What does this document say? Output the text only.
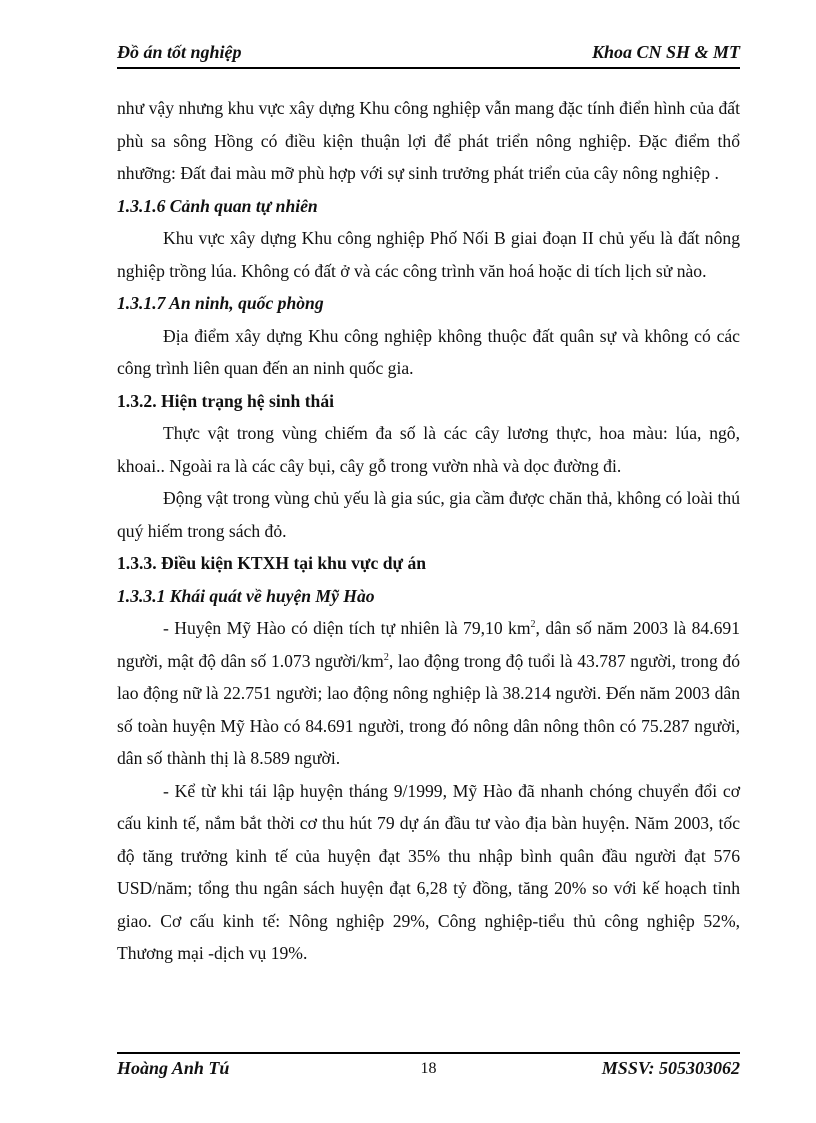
Đồ án tốt nghiệp	Khoa CN SH & MT

như vậy nhưng khu vực xây dựng Khu công nghiệp vẫn mang đặc tính điển hình của đất phù sa sông Hồng có điều kiện thuận lợi để phát triển nông nghiệp. Đặc điểm thổ nhưỡng: Đất đai màu mỡ phù hợp với sự sinh trưởng phát triển của cây nông nghiệp .

1.3.1.6 Cảnh quan tự nhiên

Khu vực xây dựng Khu công nghiệp Phố Nối B giai đoạn II chủ yếu là đất nông nghiệp trồng lúa. Không có đất ở và các công trình văn hoá hoặc di tích lịch sử nào.

1.3.1.7 An ninh, quốc phòng

Địa điểm xây dựng Khu công nghiệp không thuộc đất quân sự và không có các công trình liên quan đến an ninh quốc gia.

1.3.2. Hiện trạng hệ sinh thái

Thực vật trong vùng chiếm đa số là các cây lương thực, hoa màu: lúa, ngô, khoai.. Ngoài ra là các cây bụi, cây gỗ trong vườn nhà và dọc đường đi.

Động vật trong vùng chủ yếu là gia súc, gia cầm được chăn thả, không có loài thú quý hiếm trong sách đỏ.

1.3.3. Điều kiện KTXH tại khu vực dự án

1.3.3.1 Khái quát về huyện Mỹ Hào

- Huyện Mỹ Hào có diện tích tự nhiên là 79,10 $km^2$, dân số năm 2003 là 84.691 người, mật độ dân số 1.073 người/$km^2$, lao động trong độ tuổi là 43.787 người, trong đó lao động nữ là 22.751 người; lao động nông nghiệp là 38.214 người. Đến năm 2003 dân số toàn huyện Mỹ Hào có 84.691 người, trong đó nông dân nông thôn có 75.287 người, dân số thành thị là 8.589 người.

- Kể từ khi tái lập huyện tháng 9/1999, Mỹ Hào đã nhanh chóng chuyển đổi cơ cấu kinh tế, nắm bắt thời cơ thu hút 79 dự án đầu tư vào địa bàn huyện. Năm 2003, tốc độ tăng trưởng kinh tế của huyện đạt 35% thu nhập bình quân đầu người đạt 576 USD/năm; tổng thu ngân sách huyện đạt 6,28 tỷ đồng, tăng 20% so với kế hoạch tỉnh giao. Cơ cấu kinh tế: Nông nghiệp 29%, Công nghiệp-tiểu thủ công nghiệp 52%, Thương mại -dịch vụ 19%.

Hoàng Anh Tú	18	MSSV: 505303062
